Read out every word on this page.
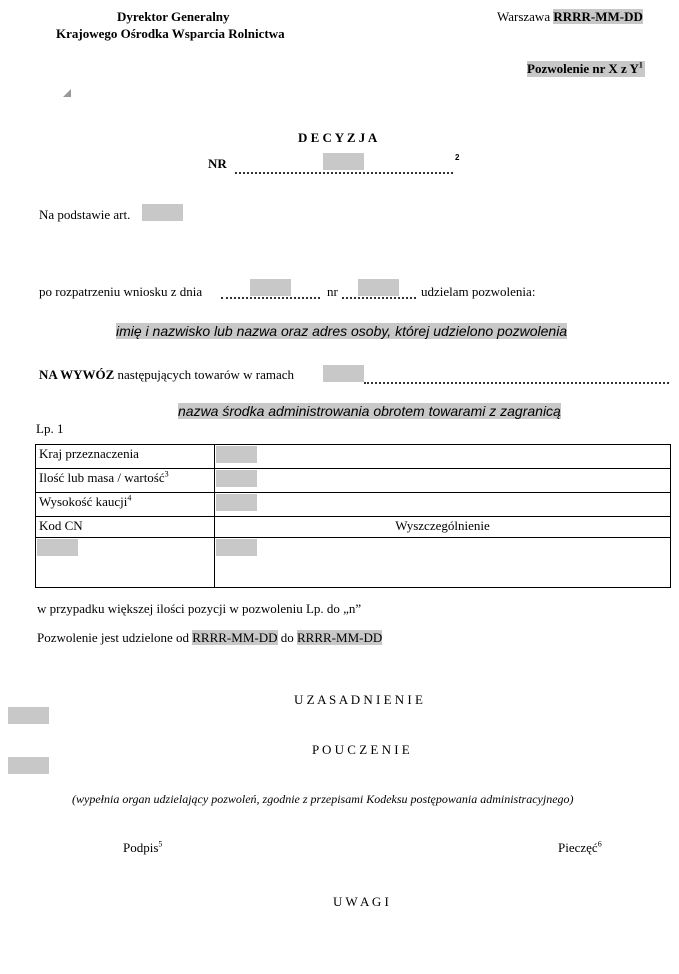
Dyrektor Generalny
Krajowego Ośrodka Wsparcia Rolnictwa
Warszawa RRRR-MM-DD
Pozwolenie nr X z $Y^1$
D E C Y Z J A
NR	2
Na podstawie art.
po rozpatrzeniu wniosku z dnia	nr	udzielam pozwolenia:
imię i nazwisko lub nazwa oraz adres osoby, której udzielono pozwolenia
NA WYWÓZ następujących towarów w ramach
nazwa środka administrowania obrotem towarami z zagranicą
Lp. 1
Kraj przeznaczenia	
Ilość lub masa / wartość$^3$	
Wysokość kaucji$^4$	
Kod CN	Wyszczególnienie

w przypadku większej ilości pozycji w pozwoleniu Lp. do „n”
Pozwolenie jest udzielone od RRRR-MM-DD do RRRR-MM-DD
U Z A S A D N I E N I E
P O U C Z E N I E
(wypełnia organ udzielający pozwoleń, zgodnie z przepisami Kodeksu postępowania administracyjnego)
Podpis$^5$	Pieczęć$^6$
U W A G I
